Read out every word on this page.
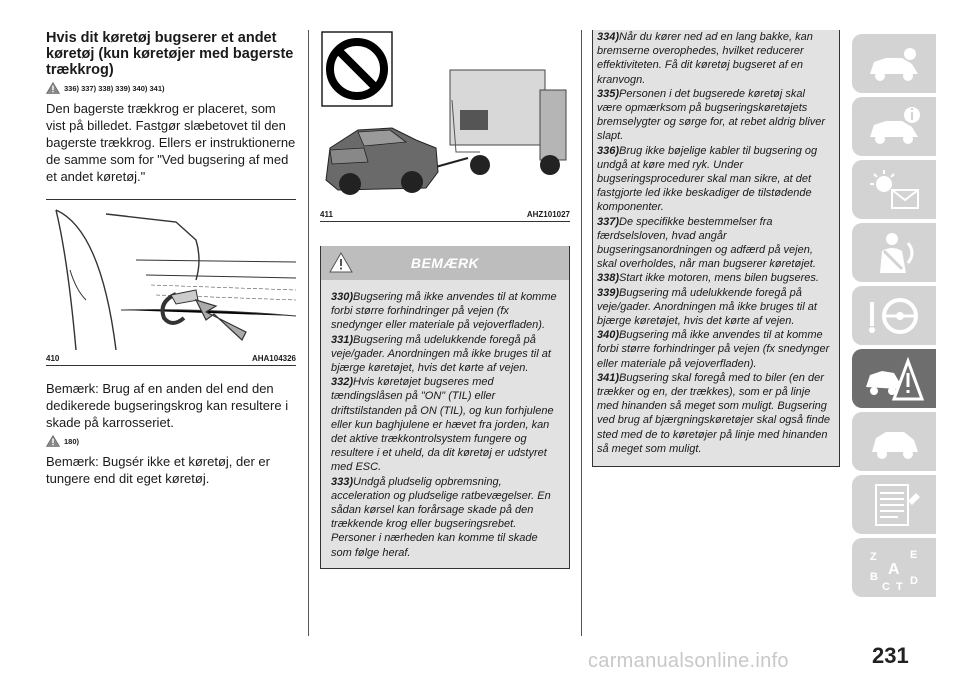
Hvis dit køretøj bugserer et andet køretøj (kun køretøjer med bagerste trækkrog)
336) 337) 338) 339) 340) 341)

Den bagerste trækkrog er placeret, som vist på billedet. Fastgør slæbetovet til den bagerste trækkrog. Ellers er instruktionerne de samme som for "Ved bugsering af med et andet køretøj."

410	AHA104326

Bemærk: Brug af en anden del end den dedikerede bugseringskrog kan resultere i skade på karrosseriet.

180)

Bemærk: Bugsér ikke et køretøj, der er tungere end dit eget køretøj.

411	AHZ101027
BEMÆRK

330)Bugsering må ikke anvendes til at komme forbi større forhindringer på vejen (fx snedynger eller materiale på vejoverfladen).

331)Bugsering må udelukkende foregå på veje/gader. Anordningen må ikke bruges til at bjærge køretøjet, hvis det kørte af vejen.

332)Hvis køretøjet bugseres med tændingslåsen på "ON" (TIL) eller driftstilstanden på ON (TIL), og kun forhjulene eller kun baghjulene er hævet fra jorden, kan det aktive trækkontrolsystem fungere og resultere i et uheld, da dit køretøj er udstyret med ESC.

333)Undgå pludselig opbremsning, acceleration og pludselige ratbevægelser. En sådan kørsel kan forårsage skade på den trækkende krog eller bugseringsrebet. Personer i nærheden kan komme til skade som følge heraf.

334)Når du kører ned ad en lang bakke, kan bremserne overophedes, hvilket reducerer effektiviteten. Få dit køretøj bugseret af en kranvogn.

335)Personen i det bugserede køretøj skal være opmærksom på bugseringskøretøjets bremselygter og sørge for, at rebet aldrig bliver slapt.

336)Brug ikke bøjelige kabler til bugsering og undgå at køre med ryk. Under bugseringsprocedurer skal man sikre, at det fastgjorte led ikke beskadiger de tilstødende komponenter.

337)De specifikke bestemmelser fra færdselsloven, hvad angår bugseringsanordningen og adfærd på vejen, skal overholdes, når man bugserer køretøjet.

338)Start ikke motoren, mens bilen bugseres.

339)Bugsering må udelukkende foregå på veje/gader. Anordningen må ikke bruges til at bjærge køretøjet, hvis det kørte af vejen.

340)Bugsering må ikke anvendes til at komme forbi større forhindringer på vejen (fx snedynger eller materiale på vejoverfladen).

341)Bugsering skal foregå med to biler (en der trækker og en, der trækkes), som er på linje med hinanden så meget som muligt. Bugsering ved brug af bjærgningskøretøjer skal også finde sted med de to køretøjer på linje med hinanden så meget som muligt.

Z	E
B A
C T D
231
carmanualsonline.info
